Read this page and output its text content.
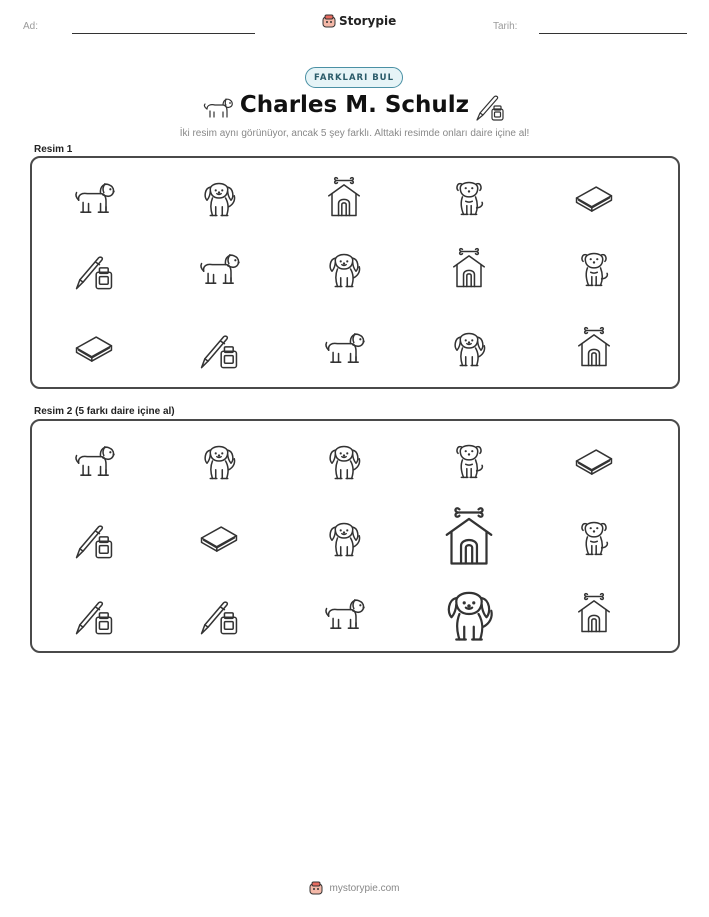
Ad:	Storypie	Tarih:
FARKLARI BUL
Charles M. Schulz
İki resim aynı görünüyor, ancak 5 şey farklı. Alttaki resimde onları daire içine al!
Resim 1
Resim 2 (5 farkı daire içine al)
mystorypie.com
